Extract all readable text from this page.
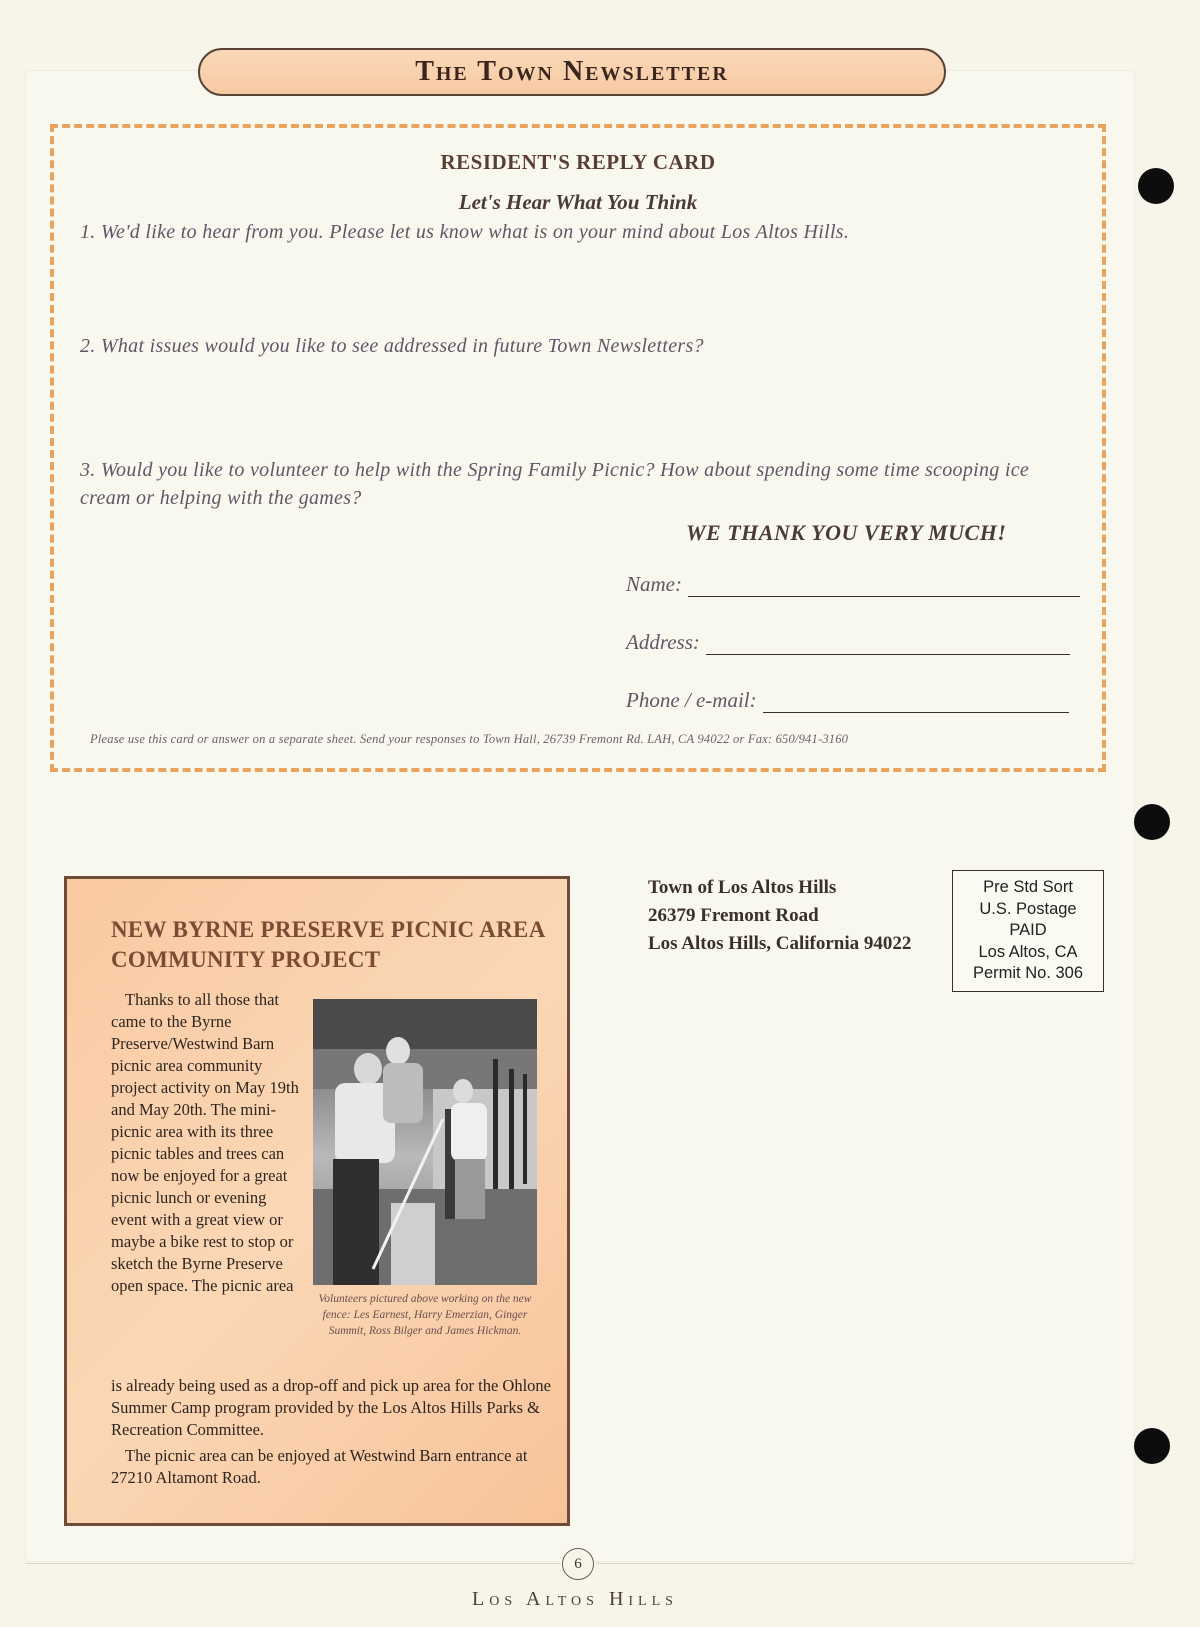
The Town Newsletter
RESIDENT'S REPLY CARD
Let's Hear What You Think
1. We'd like to hear from you. Please let us know what is on your mind about Los Altos Hills.
2. What issues would you like to see addressed in future Town Newsletters?
3. Would you like to volunteer to help with the Spring Family Picnic? How about spending some time scooping ice cream or helping with the games?
WE THANK YOU VERY MUCH!
Name:
Address:
Phone / e-mail:
Please use this card or answer on a separate sheet. Send your responses to Town Hall, 26739 Fremont Rd. LAH, CA 94022 or Fax: 650/941-3160
NEW BYRNE PRESERVE PICNIC AREA COMMUNITY PROJECT
Thanks to all those that came to the Byrne Preserve/Westwind Barn picnic area community project activity on May 19th and May 20th. The mini-picnic area with its three picnic tables and trees can now be enjoyed for a great picnic lunch or evening event with a great view or maybe a bike rest to stop or sketch the Byrne Preserve open space. The picnic area
Volunteers pictured above working on the new fence: Les Earnest, Harry Emerzian, Ginger Summit, Ross Bilger and James Hickman.
is already being used as a drop-off and pick up area for the Ohlone Summer Camp program provided by the Los Altos Hills Parks & Recreation Committee.
The picnic area can be enjoyed at Westwind Barn entrance at 27210 Altamont Road.
Town of Los Altos Hills
26379 Fremont Road
Los Altos Hills, California 94022
Pre Std Sort
U.S. Postage
PAID
Los Altos, CA
Permit No. 306
6
Los Altos Hills
